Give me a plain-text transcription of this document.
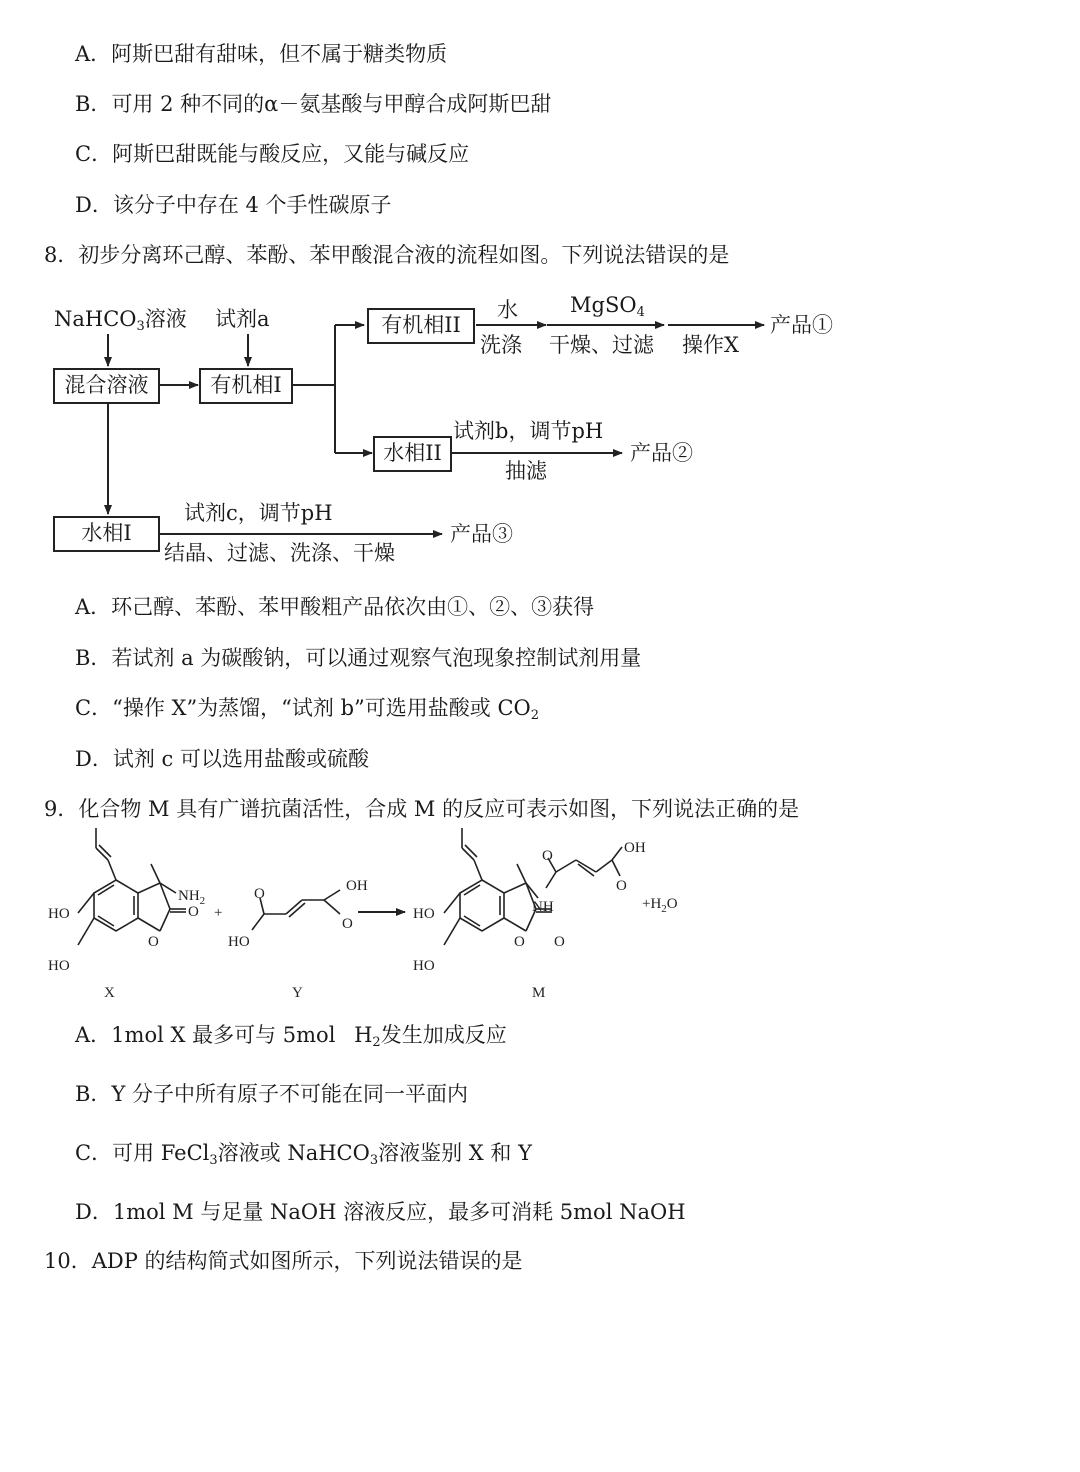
A．阿斯巴甜有甜味，但不属于糖类物质
B．可用 2 种不同的α－氨基酸与甲醇合成阿斯巴甜
C．阿斯巴甜既能与酸反应，又能与碱反应
D．该分子中存在 4 个手性碳原子
8．初步分离环己醇、苯酚、苯甲酸混合液的流程如图。下列说法错误的是
NaHCO$_3$溶液 试剂a
混合溶液	有机相I
有机相II
水相II
水相I
水
洗涤
MgSO$_4$
干燥、过滤 操作X
产品①
试剂b，调节pH
抽滤
产品②
试剂c，调节pH
结晶、过滤、洗涤、干燥
产品③
A．环己醇、苯酚、苯甲酸粗产品依次由①、②、③获得
B．若试剂 a 为碳酸钠，可以通过观察气泡现象控制试剂用量
C．“操作 X”为蒸馏，“试剂 b”可选用盐酸或 $CO_2$
D．试剂 c 可以选用盐酸或硫酸
9．化合物 M 具有广谱抗菌活性，合成 M 的反应可表示如图，下列说法正确的是
$NH_2$
O
O
HO
HO
X
+
HO
O	OH
O
Y
NH
O
O
HO
HO
O	OH
O
$+H_2O$
M
A．1mol X 最多可与 5mol $H_2$发生加成反应
B．Y 分子中所有原子不可能在同一平面内
C．可用 FeCl$_3$溶液或 NaHCO$_3$溶液鉴别 X 和 Y
D．1mol M 与足量 NaOH 溶液反应，最多可消耗 5mol NaOH
10．ADP 的结构简式如图所示，下列说法错误的是
